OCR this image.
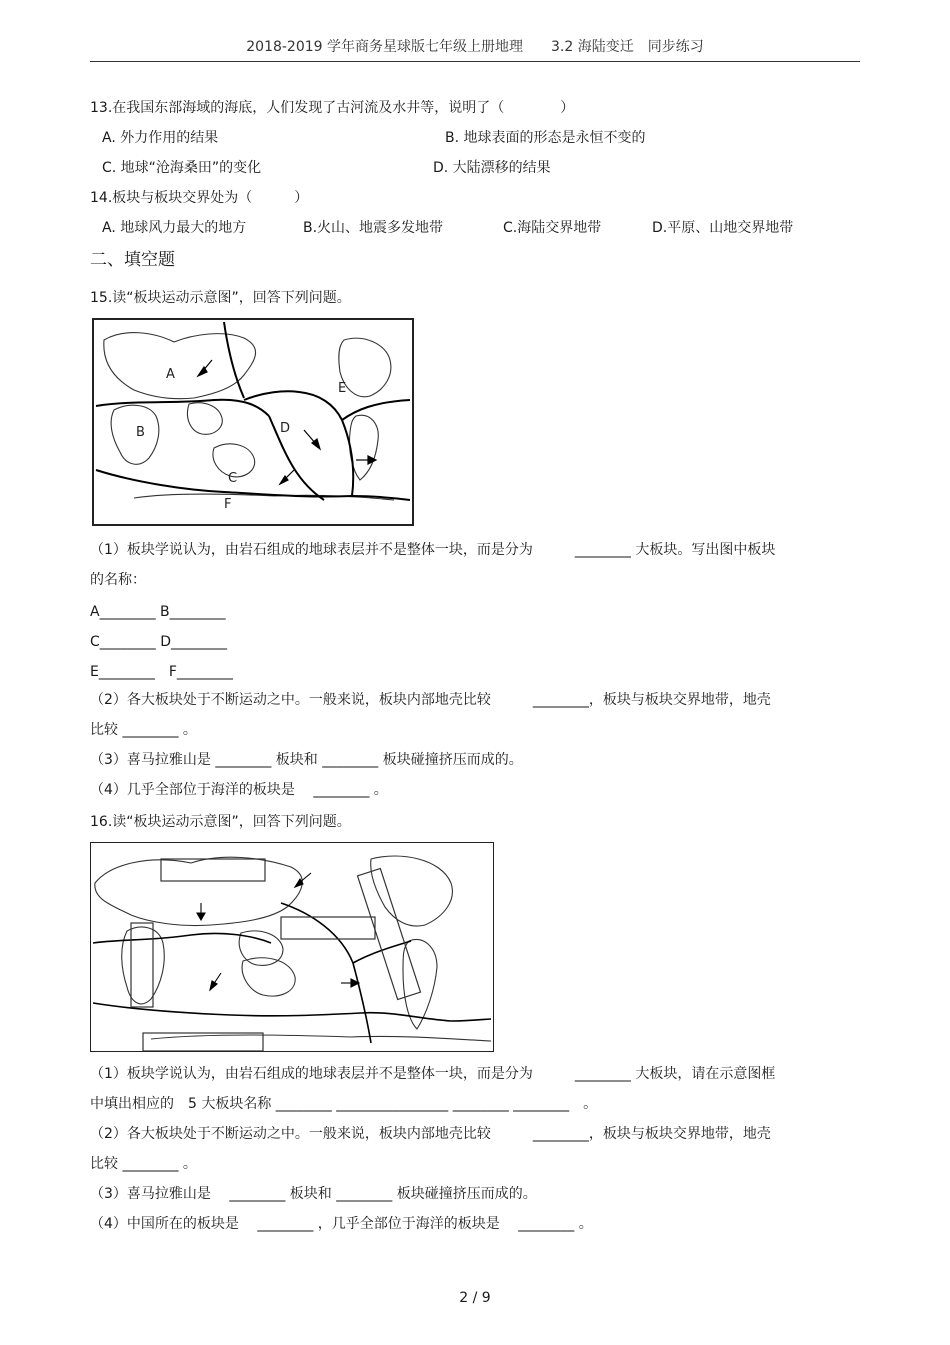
2018-2019 学年商务星球版七年级上册地理　　3.2 海陆变迁　同步练习
13.在我国东部海域的海底，人们发现了古河流及水井等，说明了（　　　　）
A. 外力作用的结果	B. 地球表面的形态是永恒不变的
C. 地球“沧海桑田”的变化	D. 大陆漂移的结果
14.板块与板块交界处为（　　　）
A. 地球风力最大的地方	B.火山、地震多发地带	C.海陆交界地带	D.平原、山地交界地带
二、填空题
15.读“板块运动示意图”，回答下列问题。
A
B
C
D
E
F
（1）板块学说认为，由岩石组成的地球表层并不是整体一块，而是分为　　　________ 大板块。写出图中板块
的名称：
A________ B________
C________ D________
E________　F________
（2）各大板块处于不断运动之中。一般来说，板块内部地壳比较　　　________，板块与板块交界地带，地壳
比较 ________ 。
（3）喜马拉雅山是 ________ 板块和 ________ 板块碰撞挤压而成的。
（4）几乎全部位于海洋的板块是　 ________ 。
16.读“板块运动示意图”，回答下列问题。
（1）板块学说认为，由岩石组成的地球表层并不是整体一块，而是分为　　　________ 大板块，请在示意图框
中填出相应的　5 大板块名称 ________ ________________ ________ ________　。
（2）各大板块处于不断运动之中。一般来说，板块内部地壳比较　　　________，板块与板块交界地带，地壳
比较 ________ 。
（3）喜马拉雅山是　 ________ 板块和 ________ 板块碰撞挤压而成的。
（4）中国所在的板块是　 ________ ，几乎全部位于海洋的板块是　 ________ 。
2 / 9
